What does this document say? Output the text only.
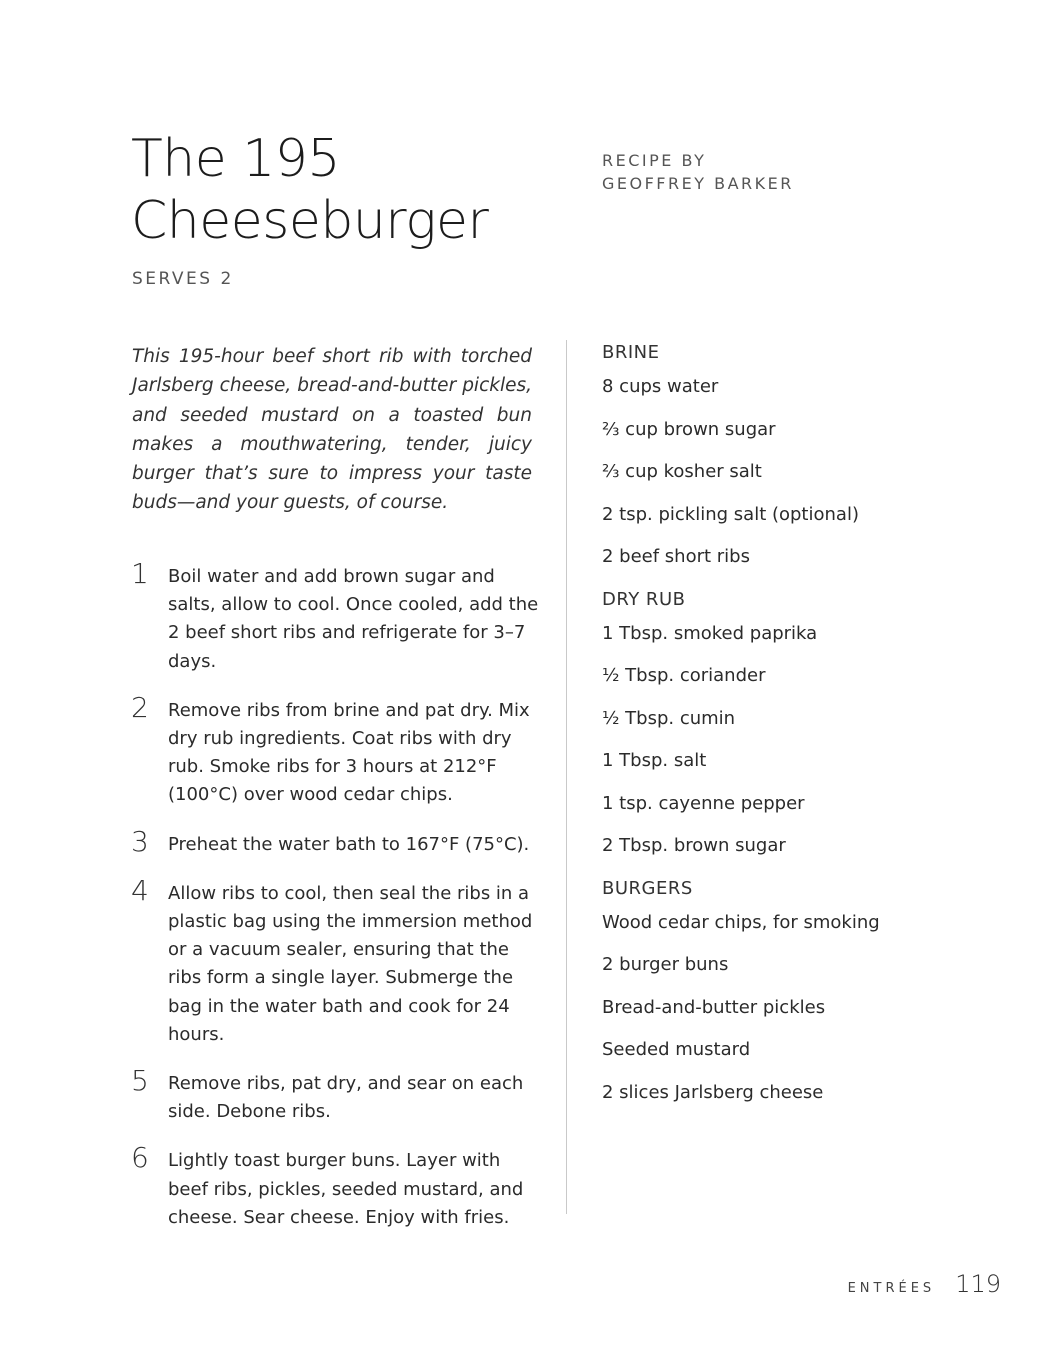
The 195
Cheeseburger
SERVES 2
RECIPE BY
GEOFFREY BARKER

This 195-hour beef short rib with torched Jarlsberg cheese, bread-and-butter pickles, and seeded mustard on a toasted bun makes a mouthwatering, tender, juicy burger that’s sure to impress your taste buds—and your guests, of course.

1 Boil water and add brown sugar and salts, allow to cool. Once cooled, add the 2 beef short ribs and refrigerate for 3–7 days.
2 Remove ribs from brine and pat dry. Mix dry rub ingredients. Coat ribs with dry rub. Smoke ribs for 3 hours at 212°F (100°C) over wood cedar chips.
3 Preheat the water bath to 167°F (75°C).
4 Allow ribs to cool, then seal the ribs in a plastic bag using the immersion method or a vacuum sealer, ensuring that the ribs form a single layer. Submerge the bag in the water bath and cook for 24 hours.
5 Remove ribs, pat dry, and sear on each side. Debone ribs.
6 Lightly toast burger buns. Layer with beef ribs, pickles, seeded mustard, and cheese. Sear cheese. Enjoy with fries.
BRINE
8 cups water
⅔ cup brown sugar
⅔ cup kosher salt
2 tsp. pickling salt (optional)
2 beef short ribs
DRY RUB
1 Tbsp. smoked paprika
½ Tbsp. coriander
½ Tbsp. cumin
1 Tbsp. salt
1 tsp. cayenne pepper
2 Tbsp. brown sugar
BURGERS
Wood cedar chips, for smoking
2 burger buns
Bread-and-butter pickles
Seeded mustard
2 slices Jarlsberg cheese
ENTRÉES 119
